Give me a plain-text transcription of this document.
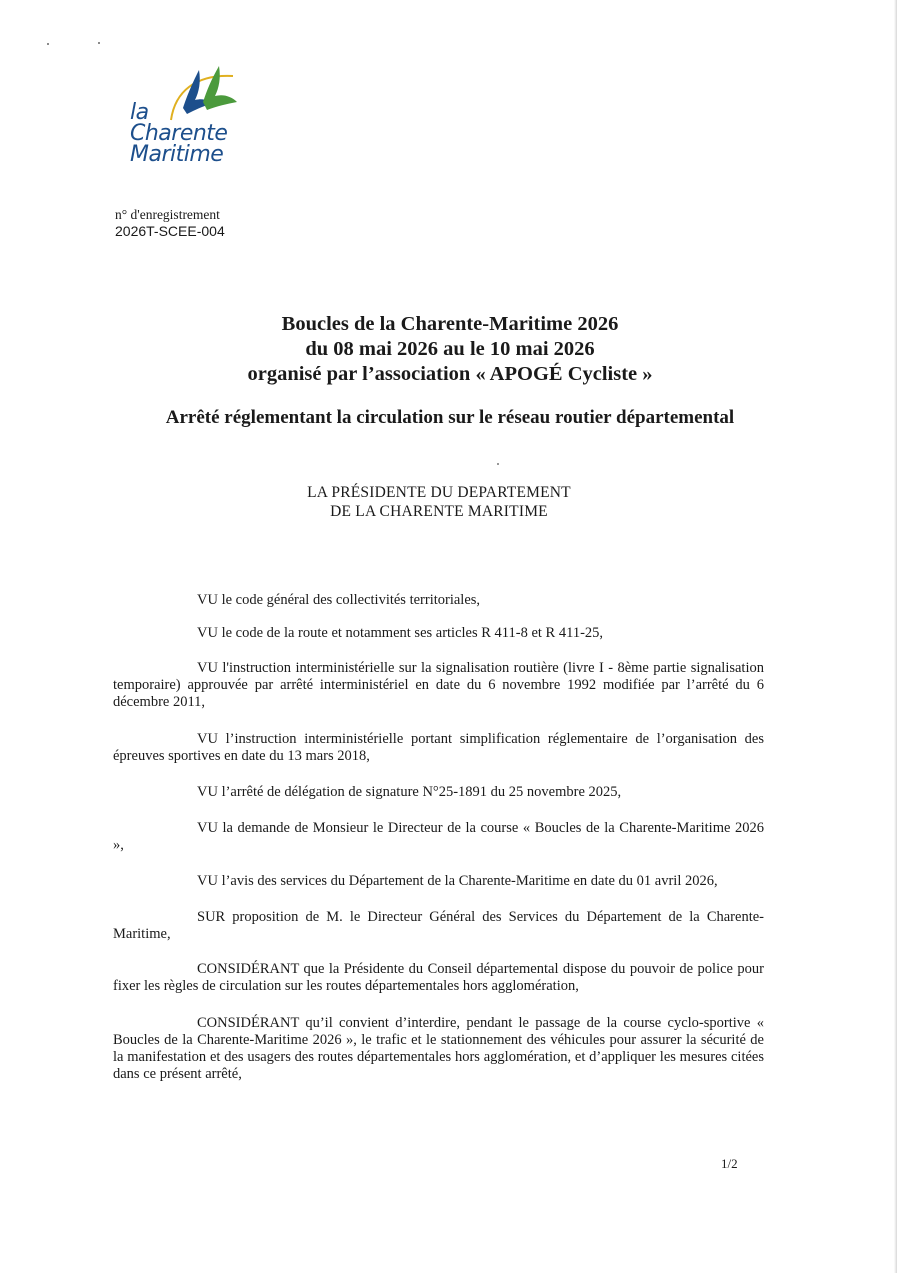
la
Charente
Maritime
n° d'enregistrement
2026T-SCEE-004
Boucles de la Charente-Maritime 2026
du 08 mai 2026 au le 10 mai 2026
organisé par l’association « APOGÉ Cycliste »
Arrêté réglementant la circulation sur le réseau routier départemental
LA PRÉSIDENTE DU DEPARTEMENT
DE LA CHARENTE MARITIME
VU le code général des collectivités territoriales,
VU le code de la route et notamment ses articles R 411-8 et R 411-25,
VU l'instruction interministérielle sur la signalisation routière (livre I - 8ème partie signalisation temporaire) approuvée par arrêté interministériel en date du 6 novembre 1992 modifiée par l’arrêté du 6 décembre 2011,
VU l’instruction interministérielle portant simplification réglementaire de l’organisation des épreuves sportives en date du 13 mars 2018,
VU l’arrêté de délégation de signature N°25-1891 du 25 novembre 2025,
VU la demande de Monsieur le Directeur de la course « Boucles de la Charente-Maritime 2026 »,
VU l’avis des services du Département de la Charente-Maritime en date du 01 avril 2026,
SUR proposition de M. le Directeur Général des Services du Département de la Charente-Maritime,
CONSIDÉRANT que la Présidente du Conseil départemental dispose du pouvoir de police pour fixer les règles de circulation sur les routes départementales hors agglomération,
CONSIDÉRANT qu’il convient d’interdire, pendant le passage de la course cyclo-sportive « Boucles de la Charente-Maritime 2026 », le trafic et le stationnement des véhicules pour assurer la sécurité de la manifestation et des usagers des routes départementales hors agglomération, et d’appliquer les mesures citées dans ce présent arrêté,
1/2
